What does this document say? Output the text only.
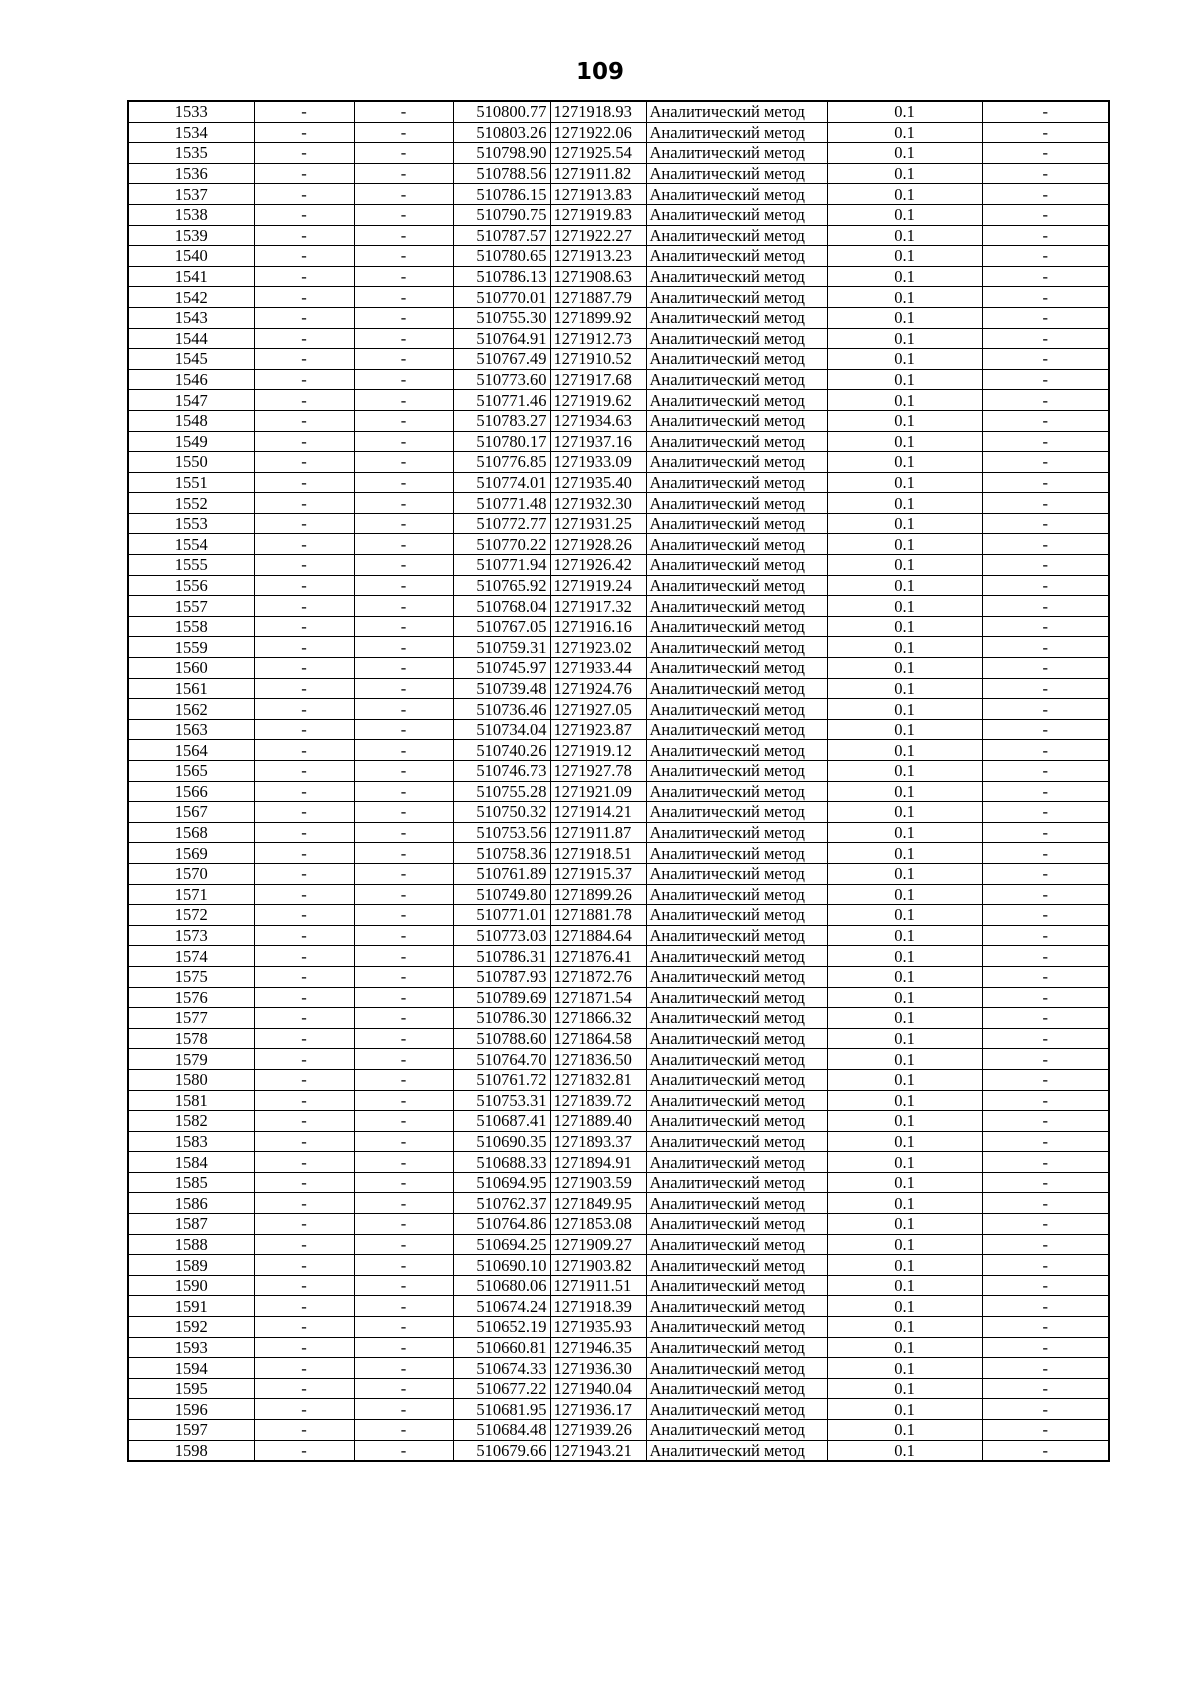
109
1533	-	-	510800.77	1271918.93	Аналитический метод	0.1	-
1534	-	-	510803.26	1271922.06	Аналитический метод	0.1	-
1535	-	-	510798.90	1271925.54	Аналитический метод	0.1	-
1536	-	-	510788.56	1271911.82	Аналитический метод	0.1	-
1537	-	-	510786.15	1271913.83	Аналитический метод	0.1	-
1538	-	-	510790.75	1271919.83	Аналитический метод	0.1	-
1539	-	-	510787.57	1271922.27	Аналитический метод	0.1	-
1540	-	-	510780.65	1271913.23	Аналитический метод	0.1	-
1541	-	-	510786.13	1271908.63	Аналитический метод	0.1	-
1542	-	-	510770.01	1271887.79	Аналитический метод	0.1	-
1543	-	-	510755.30	1271899.92	Аналитический метод	0.1	-
1544	-	-	510764.91	1271912.73	Аналитический метод	0.1	-
1545	-	-	510767.49	1271910.52	Аналитический метод	0.1	-
1546	-	-	510773.60	1271917.68	Аналитический метод	0.1	-
1547	-	-	510771.46	1271919.62	Аналитический метод	0.1	-
1548	-	-	510783.27	1271934.63	Аналитический метод	0.1	-
1549	-	-	510780.17	1271937.16	Аналитический метод	0.1	-
1550	-	-	510776.85	1271933.09	Аналитический метод	0.1	-
1551	-	-	510774.01	1271935.40	Аналитический метод	0.1	-
1552	-	-	510771.48	1271932.30	Аналитический метод	0.1	-
1553	-	-	510772.77	1271931.25	Аналитический метод	0.1	-
1554	-	-	510770.22	1271928.26	Аналитический метод	0.1	-
1555	-	-	510771.94	1271926.42	Аналитический метод	0.1	-
1556	-	-	510765.92	1271919.24	Аналитический метод	0.1	-
1557	-	-	510768.04	1271917.32	Аналитический метод	0.1	-
1558	-	-	510767.05	1271916.16	Аналитический метод	0.1	-
1559	-	-	510759.31	1271923.02	Аналитический метод	0.1	-
1560	-	-	510745.97	1271933.44	Аналитический метод	0.1	-
1561	-	-	510739.48	1271924.76	Аналитический метод	0.1	-
1562	-	-	510736.46	1271927.05	Аналитический метод	0.1	-
1563	-	-	510734.04	1271923.87	Аналитический метод	0.1	-
1564	-	-	510740.26	1271919.12	Аналитический метод	0.1	-
1565	-	-	510746.73	1271927.78	Аналитический метод	0.1	-
1566	-	-	510755.28	1271921.09	Аналитический метод	0.1	-
1567	-	-	510750.32	1271914.21	Аналитический метод	0.1	-
1568	-	-	510753.56	1271911.87	Аналитический метод	0.1	-
1569	-	-	510758.36	1271918.51	Аналитический метод	0.1	-
1570	-	-	510761.89	1271915.37	Аналитический метод	0.1	-
1571	-	-	510749.80	1271899.26	Аналитический метод	0.1	-
1572	-	-	510771.01	1271881.78	Аналитический метод	0.1	-
1573	-	-	510773.03	1271884.64	Аналитический метод	0.1	-
1574	-	-	510786.31	1271876.41	Аналитический метод	0.1	-
1575	-	-	510787.93	1271872.76	Аналитический метод	0.1	-
1576	-	-	510789.69	1271871.54	Аналитический метод	0.1	-
1577	-	-	510786.30	1271866.32	Аналитический метод	0.1	-
1578	-	-	510788.60	1271864.58	Аналитический метод	0.1	-
1579	-	-	510764.70	1271836.50	Аналитический метод	0.1	-
1580	-	-	510761.72	1271832.81	Аналитический метод	0.1	-
1581	-	-	510753.31	1271839.72	Аналитический метод	0.1	-
1582	-	-	510687.41	1271889.40	Аналитический метод	0.1	-
1583	-	-	510690.35	1271893.37	Аналитический метод	0.1	-
1584	-	-	510688.33	1271894.91	Аналитический метод	0.1	-
1585	-	-	510694.95	1271903.59	Аналитический метод	0.1	-
1586	-	-	510762.37	1271849.95	Аналитический метод	0.1	-
1587	-	-	510764.86	1271853.08	Аналитический метод	0.1	-
1588	-	-	510694.25	1271909.27	Аналитический метод	0.1	-
1589	-	-	510690.10	1271903.82	Аналитический метод	0.1	-
1590	-	-	510680.06	1271911.51	Аналитический метод	0.1	-
1591	-	-	510674.24	1271918.39	Аналитический метод	0.1	-
1592	-	-	510652.19	1271935.93	Аналитический метод	0.1	-
1593	-	-	510660.81	1271946.35	Аналитический метод	0.1	-
1594	-	-	510674.33	1271936.30	Аналитический метод	0.1	-
1595	-	-	510677.22	1271940.04	Аналитический метод	0.1	-
1596	-	-	510681.95	1271936.17	Аналитический метод	0.1	-
1597	-	-	510684.48	1271939.26	Аналитический метод	0.1	-
1598	-	-	510679.66	1271943.21	Аналитический метод	0.1	-
